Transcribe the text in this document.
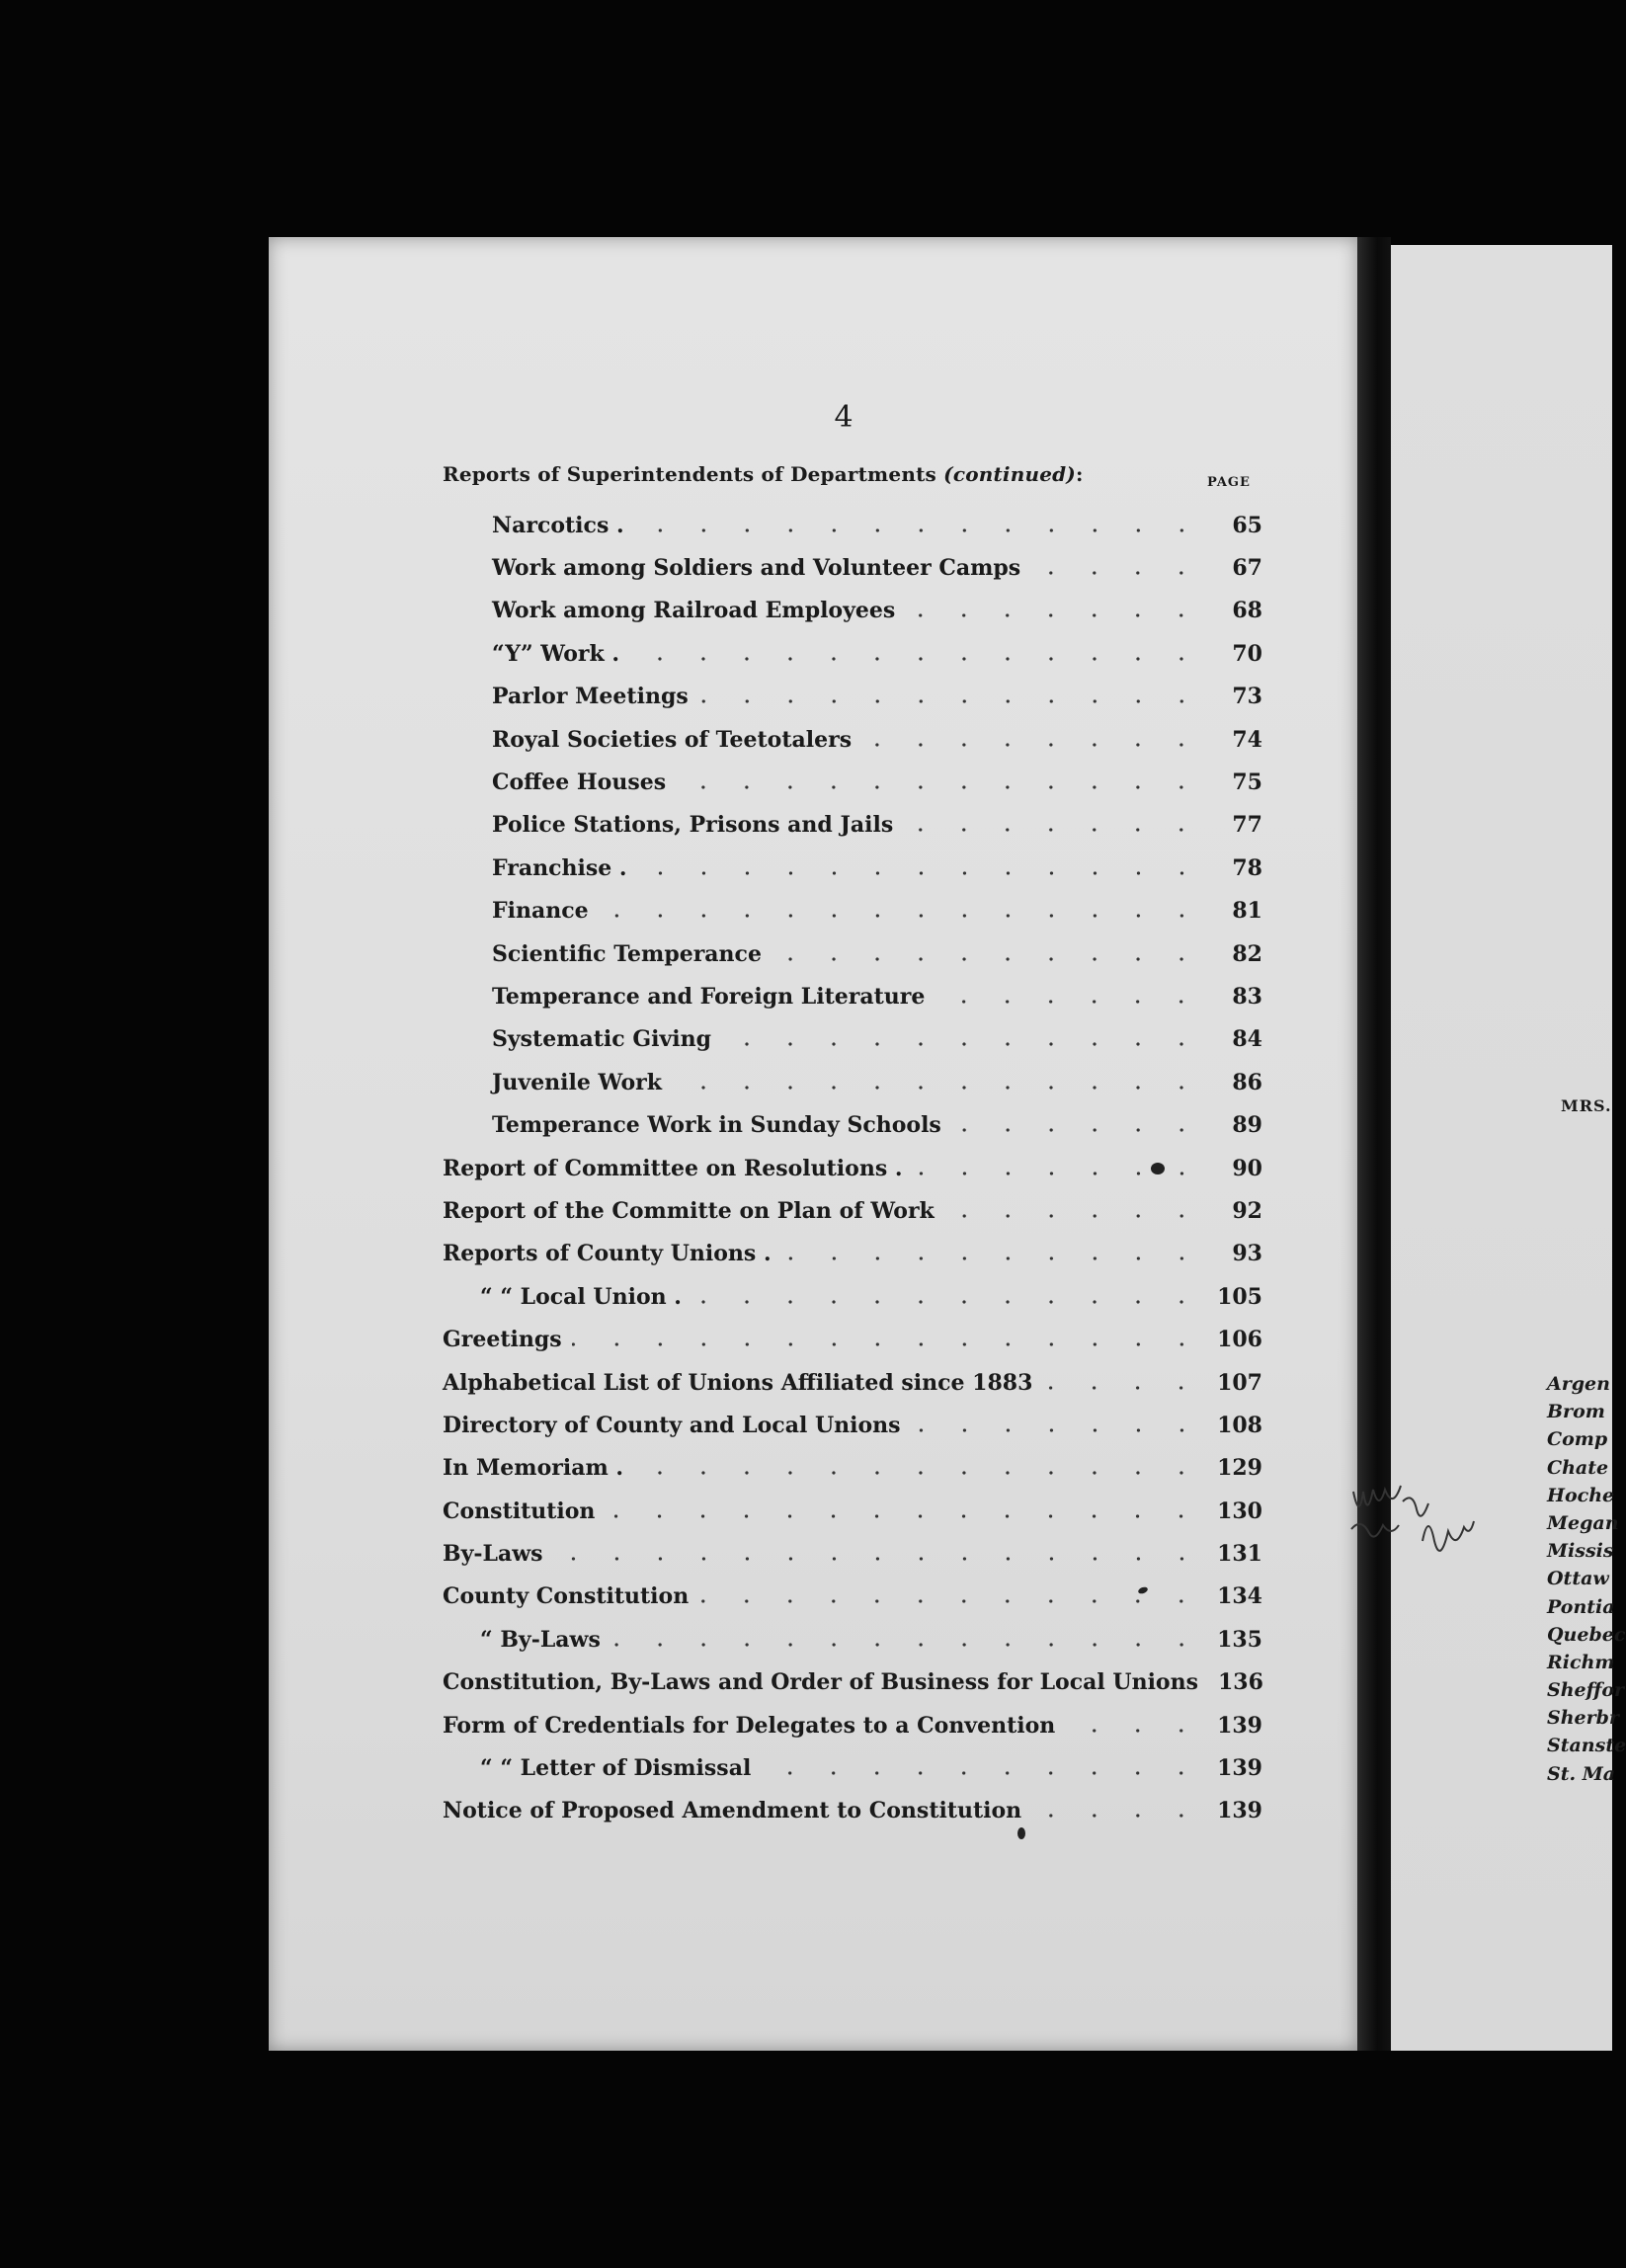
4
Reports of Superintendents of Departments (continued):	PAGE
Narcotics .	65
Work among Soldiers and Volunteer Camps	67
Work among Railroad Employees	68
“Y” Work .	70
Parlor Meetings	73
Royal Societies of Teetotalers	74
Coffee Houses	75
Police Stations, Prisons and Jails	77
Franchise .	78
Finance	81
Scientific Temperance	82
Temperance and Foreign Literature	83
Systematic Giving	84
Juvenile Work	86
Temperance Work in Sunday Schools	89
Report of Committee on Resolutions .	90
Report of the Committe on Plan of Work	92
Reports of County Unions .	93
“ “ Local Union .	105
Greetings	106
Alphabetical List of Unions Affiliated since 1883	107
Directory of County and Local Unions	108
In Memoriam .	129
Constitution	130
By-Laws	131
County Constitution	134
“ By-Laws	135
Constitution, By-Laws and Order of Business for Local Unions 136
Form of Credentials for Delegates to a Convention	139
“ “ Letter of Dismissal	139
Notice of Proposed Amendment to Constitution	139
MRS.
Argen
Brom
Comp
Chate
Hoche
Megan
Missis
Ottaw
Pontia
Quebec
Richm
Sheffor
Sherbr
Stanste
St. Ma
